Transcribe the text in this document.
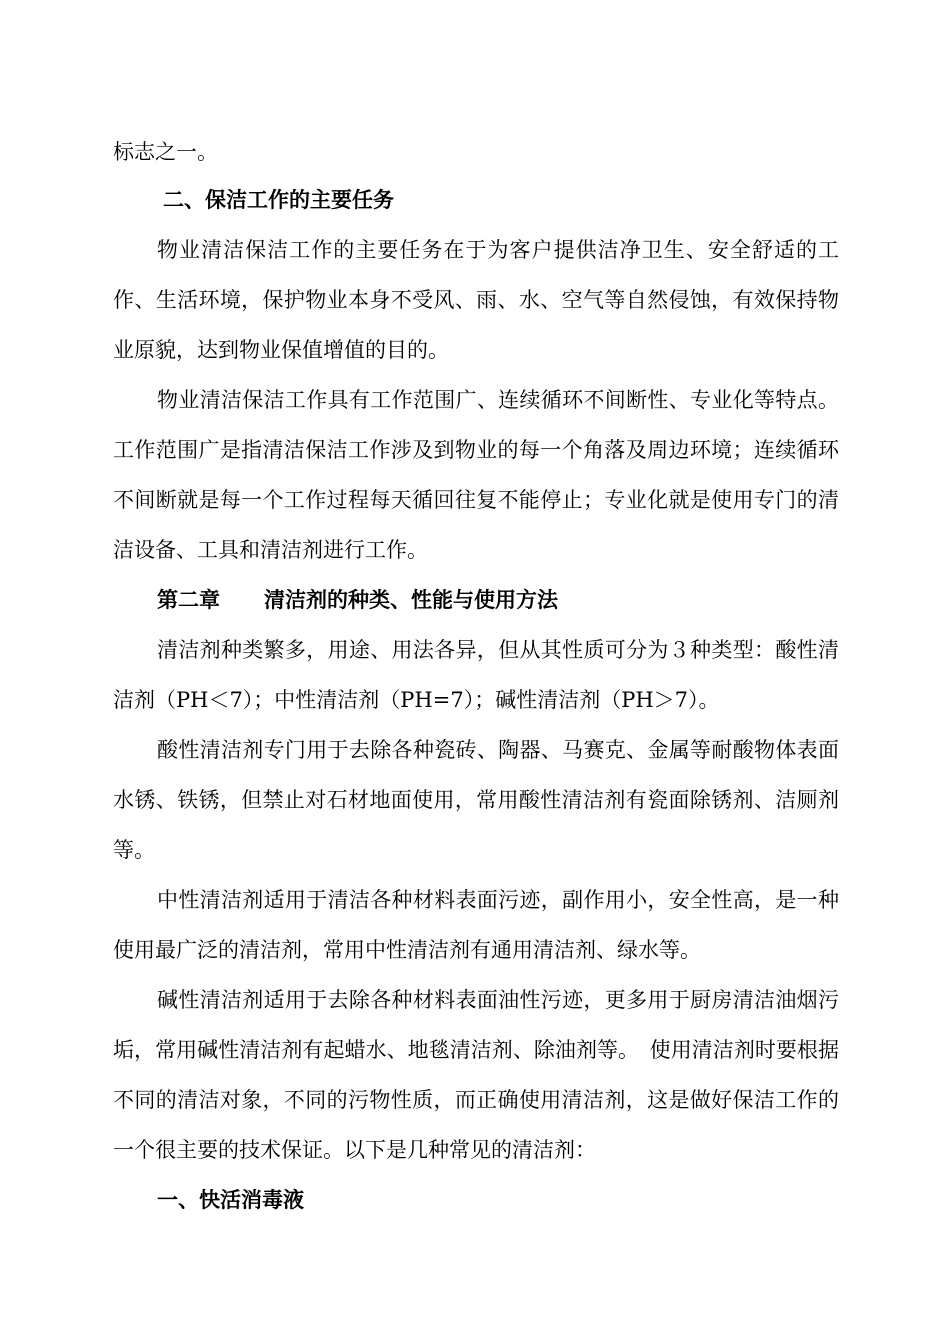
标志之一。

二、保洁工作的主要任务

物业清洁保洁工作的主要任务在于为客户提供洁净卫生、安全舒适的工作、生活环境，保护物业本身不受风、雨、水、空气等自然侵蚀，有效保持物业原貌，达到物业保值增值的目的。

物业清洁保洁工作具有工作范围广、连续循环不间断性、专业化等特点。工作范围广是指清洁保洁工作涉及到物业的每一个角落及周边环境；连续循环不间断就是每一个工作过程每天循回往复不能停止；专业化就是使用专门的清洁设备、工具和清洁剂进行工作。

第二章 清洁剂的种类、性能与使用方法

清洁剂种类繁多，用途、用法各异，但从其性质可分为３种类型：酸性清洁剂（PH＜7）；中性清洁剂（PH=7）；碱性清洁剂（PH＞7）。

酸性清洁剂专门用于去除各种瓷砖、陶器、马赛克、金属等耐酸物体表面水锈、铁锈，但禁止对石材地面使用，常用酸性清洁剂有瓷面除锈剂、洁厕剂等。

中性清洁剂适用于清洁各种材料表面污迹，副作用小，安全性高，是一种使用最广泛的清洁剂，常用中性清洁剂有通用清洁剂、绿水等。

碱性清洁剂适用于去除各种材料表面油性污迹，更多用于厨房清洁油烟污垢，常用碱性清洁剂有起蜡水、地毯清洁剂、除油剂等。　使用清洁剂时要根据不同的清洁对象，不同的污物性质，而正确使用清洁剂，这是做好保洁工作的一个很主要的技术保证。以下是几种常见的清洁剂：

一、快活消毒液
